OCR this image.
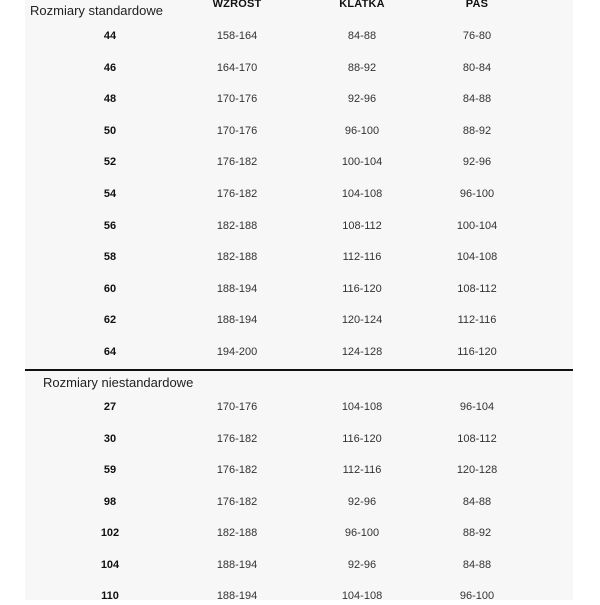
Rozmiary standardowe	WZROST	KLATKA	PAS
44	158-164	84-88	76-80
46	164-170	88-92	80-84
48	170-176	92-96	84-88
50	170-176	96-100	88-92
52	176-182	100-104	92-96
54	176-182	104-108	96-100
56	182-188	108-112	100-104
58	182-188	112-116	104-108
60	188-194	116-120	108-112
62	188-194	120-124	112-116
64	194-200	124-128	116-120
Rozmiary niestandardowe
27	170-176	104-108	96-104
30	176-182	116-120	108-112
59	176-182	112-116	120-128
98	176-182	92-96	84-88
102	182-188	96-100	88-92
104	188-194	92-96	84-88
110	188-194	104-108	96-100
